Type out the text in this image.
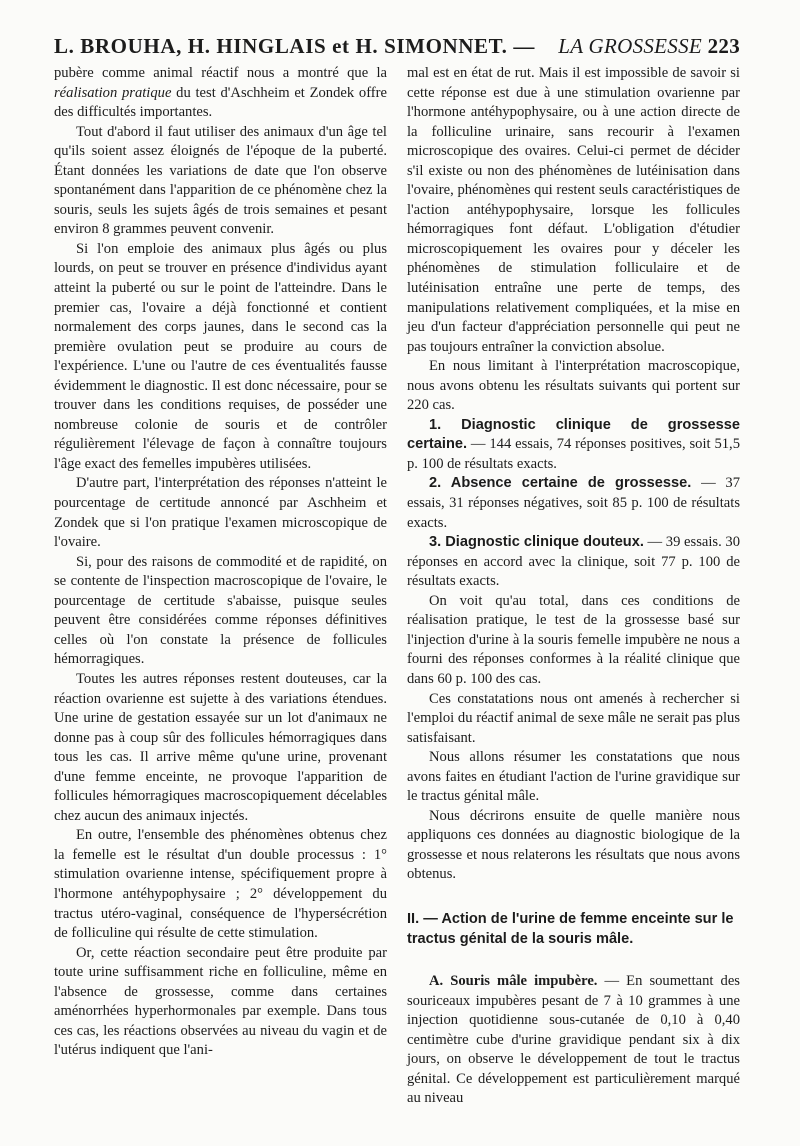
L. BROUHA, H. HINGLAIS et H. SIMONNET. — LA GROSSESSE 223

pubère comme animal réactif nous a montré que la réalisation pratique du test d'Aschheim et Zondek offre des difficultés importantes.

Tout d'abord il faut utiliser des animaux d'un âge tel qu'ils soient assez éloignés de l'époque de la puberté. Étant données les variations de date que l'on observe spontanément dans l'apparition de ce phénomène chez la souris, seuls les sujets âgés de trois semaines et pesant environ 8 grammes peuvent convenir.

Si l'on emploie des animaux plus âgés ou plus lourds, on peut se trouver en présence d'individus ayant atteint la puberté ou sur le point de l'atteindre. Dans le premier cas, l'ovaire a déjà fonctionné et contient normalement des corps jaunes, dans le second cas la première ovulation peut se produire au cours de l'expérience. L'une ou l'autre de ces éventualités fausse évidemment le diagnostic. Il est donc nécessaire, pour se trouver dans les conditions requises, de posséder une nombreuse colonie de souris et de contrôler régulièrement l'élevage de façon à connaître toujours l'âge exact des femelles impubères utilisées.

D'autre part, l'interprétation des réponses n'atteint le pourcentage de certitude annoncé par Aschheim et Zondek que si l'on pratique l'examen microscopique de l'ovaire.

Si, pour des raisons de commodité et de rapidité, on se contente de l'inspection macroscopique de l'ovaire, le pourcentage de certitude s'abaisse, puisque seules peuvent être considérées comme réponses définitives celles où l'on constate la présence de follicules hémorragiques.

Toutes les autres réponses restent douteuses, car la réaction ovarienne est sujette à des variations étendues. Une urine de gestation essayée sur un lot d'animaux ne donne pas à coup sûr des follicules hémorragiques dans tous les cas. Il arrive même qu'une urine, provenant d'une femme enceinte, ne provoque l'apparition de follicules hémorragiques macroscopiquement décelables chez aucun des animaux injectés.

En outre, l'ensemble des phénomènes obtenus chez la femelle est le résultat d'un double processus : 1° stimulation ovarienne intense, spécifiquement propre à l'hormone antéhypophysaire ; 2° développement du tractus utéro-vaginal, conséquence de l'hypersécrétion de folliculine qui résulte de cette stimulation.

Or, cette réaction secondaire peut être produite par toute urine suffisamment riche en folliculine, même en l'absence de grossesse, comme dans certaines aménorrhées hyperhormonales par exemple. Dans tous ces cas, les réactions observées au niveau du vagin et de l'utérus indiquent que l'ani-

mal est en état de rut. Mais il est impossible de savoir si cette réponse est due à une stimulation ovarienne par l'hormone antéhypophysaire, ou à une action directe de la folliculine urinaire, sans recourir à l'examen microscopique des ovaires. Celui-ci permet de décider s'il existe ou non des phénomènes de lutéinisation dans l'ovaire, phénomènes qui restent seuls caractéristiques de l'action antéhypophysaire, lorsque les follicules hémorragiques font défaut. L'obligation d'étudier microscopiquement les ovaires pour y déceler les phénomènes de stimulation folliculaire et de lutéinisation entraîne une perte de temps, des manipulations relativement compliquées, et la mise en jeu d'un facteur d'appréciation personnelle qui peut ne pas toujours entraîner la conviction absolue.

En nous limitant à l'interprétation macroscopique, nous avons obtenu les résultats suivants qui portent sur 220 cas.

1. Diagnostic clinique de grossesse certaine. — 144 essais, 74 réponses positives, soit 51,5 p. 100 de résultats exacts.

2. Absence certaine de grossesse. — 37 essais, 31 réponses négatives, soit 85 p. 100 de résultats exacts.

3. Diagnostic clinique douteux. — 39 essais. 30 réponses en accord avec la clinique, soit 77 p. 100 de résultats exacts.

On voit qu'au total, dans ces conditions de réalisation pratique, le test de la grossesse basé sur l'injection d'urine à la souris femelle impubère ne nous a fourni des réponses conformes à la réalité clinique que dans 60 p. 100 des cas.

Ces constatations nous ont amenés à rechercher si l'emploi du réactif animal de sexe mâle ne serait pas plus satisfaisant.

Nous allons résumer les constatations que nous avons faites en étudiant l'action de l'urine gravidique sur le tractus génital mâle.

Nous décrirons ensuite de quelle manière nous appliquons ces données au diagnostic biologique de la grossesse et nous relaterons les résultats que nous avons obtenus.

II. — Action de l'urine de femme enceinte sur le tractus génital de la souris mâle.

A. Souris mâle impubère. — En soumettant des souriceaux impubères pesant de 7 à 10 grammes à une injection quotidienne sous-cutanée de 0,10 à 0,40 centimètre cube d'urine gravidique pendant six à dix jours, on observe le développement de tout le tractus génital. Ce développement est particulièrement marqué au niveau
